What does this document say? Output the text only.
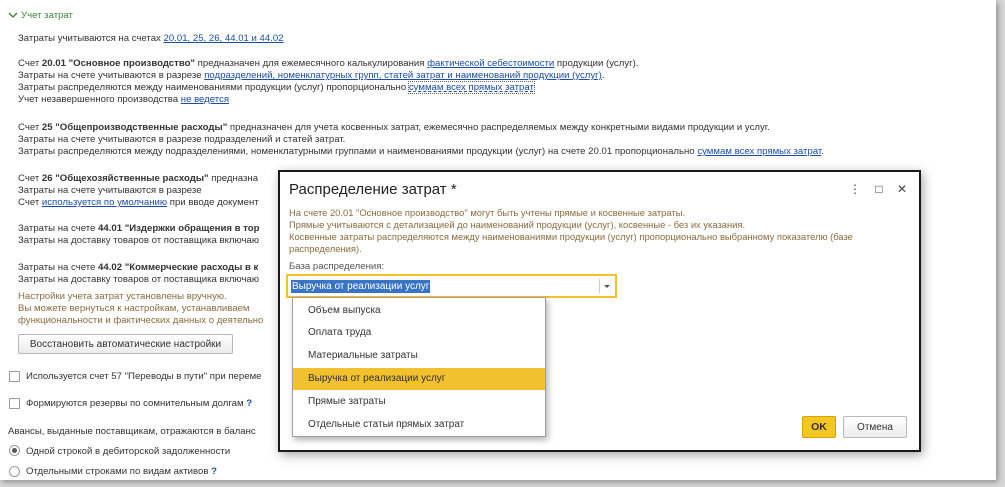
Учет затрат
Затраты учитываются на счетах 20.01, 25, 26, 44.01 и 44.02
Счет 20.01 "Основное производство" предназначен для ежемесячного калькулирования фактической себестоимости продукции (услуг).
Затраты на счете учитываются в разрезе подразделений, номенклатурных групп, статей затрат и наименований продукции (услуг).
Затраты распределяются между наименованиями продукции (услуг) пропорционально суммам всех прямых затрат
Учет незавершенного производства не ведется
Счет 25 "Общепроизводственные расходы" предназначен для учета косвенных затрат, ежемесячно распределяемых между конкретными видами продукции и услуг.
Затраты на счете учитываются в разрезе подразделений и статей затрат.
Затраты распределяются между подразделениями, номенклатурными группами и наименованиями продукции (услуг) на счете 20.01 пропорционально суммам всех прямых затрат.
Счет 26 "Общехозяйственные расходы" предназна
Затраты на счете учитываются в разрезе
Счет используется по умолчанию при вводе документ
Затраты на счете 44.01 "Издержки обращения в тор
Затраты на доставку товаров от поставщика включаю
Затраты на счете 44.02 "Коммерческие расходы в к
Затраты на доставку товаров от поставщика включаю
Настройки учета затрат установлены вручную.
Вы можете вернуться к настройкам, устанавливаем
функциональности и фактических данных о деятельно
Восстановить автоматические настройки
Используется счет 57 "Переводы в пути" при переме
Формируются резервы по сомнительным долгам ?
Авансы, выданные поставщикам, отражаются в баланс
Одной строкой в дебиторской задолженности
Отдельными строками по видам активов ?
Распределение затрат *	⋮ □ ✕
На счете 20.01 "Основное производство" могут быть учтены прямые и косвенные затраты.
Прямые учитываются с детализацией до наименований продукции (услуг), косвенные - без их указания.
Косвенные затраты распределяются между наименованиями продукции (услуг) пропорционально выбранному показателю (базе
распределения).
База распределения:
Выручка от реализации услуг
Объем выпуска
Оплата труда
Материальные затраты
Выручка от реализации услуг
Прямые затраты
Отдельные статьи прямых затрат	OK	Отмена
